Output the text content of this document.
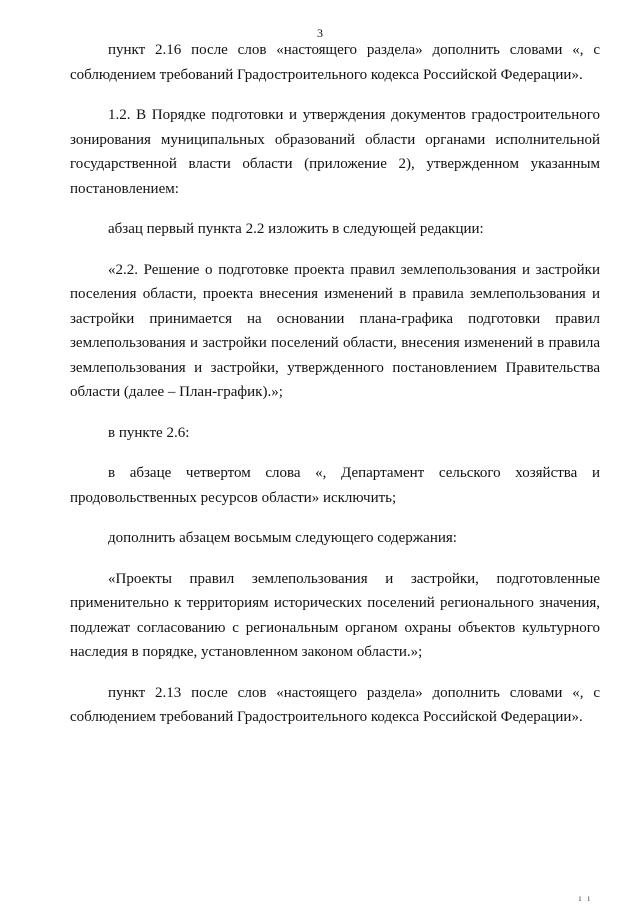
3

пункт 2.16 после слов «настоящего раздела» дополнить словами «, с соблюдением требований Градостроительного кодекса Российской Федерации».

1.2. В Порядке подготовки и утверждения документов градостроительного зонирования муниципальных образований области органами исполнительной государственной власти области (приложение 2), утвержденном указанным постановлением:

абзац первый пункта 2.2 изложить в следующей редакции:

«2.2. Решение о подготовке проекта правил землепользования и застройки поселения области, проекта внесения изменений в правила землепользования и застройки принимается на основании плана-графика подготовки правил землепользования и застройки поселений области, внесения изменений в правила землепользования и застройки, утвержденного постановлением Правительства области (далее – План-график).»;

в пункте 2.6:

в абзаце четвертом слова «, Департамент сельского хозяйства и продовольственных ресурсов области» исключить;

дополнить абзацем восьмым следующего содержания:

«Проекты правил землепользования и застройки, подготовленные применительно к территориям исторических поселений регионального значения, подлежат согласованию с региональным органом охраны объектов культурного наследия в порядке, установленном законом области.»;

пункт 2.13 после слов «настоящего раздела» дополнить словами «, с соблюдением требований Градостроительного кодекса Российской Федерации».

ı ı
